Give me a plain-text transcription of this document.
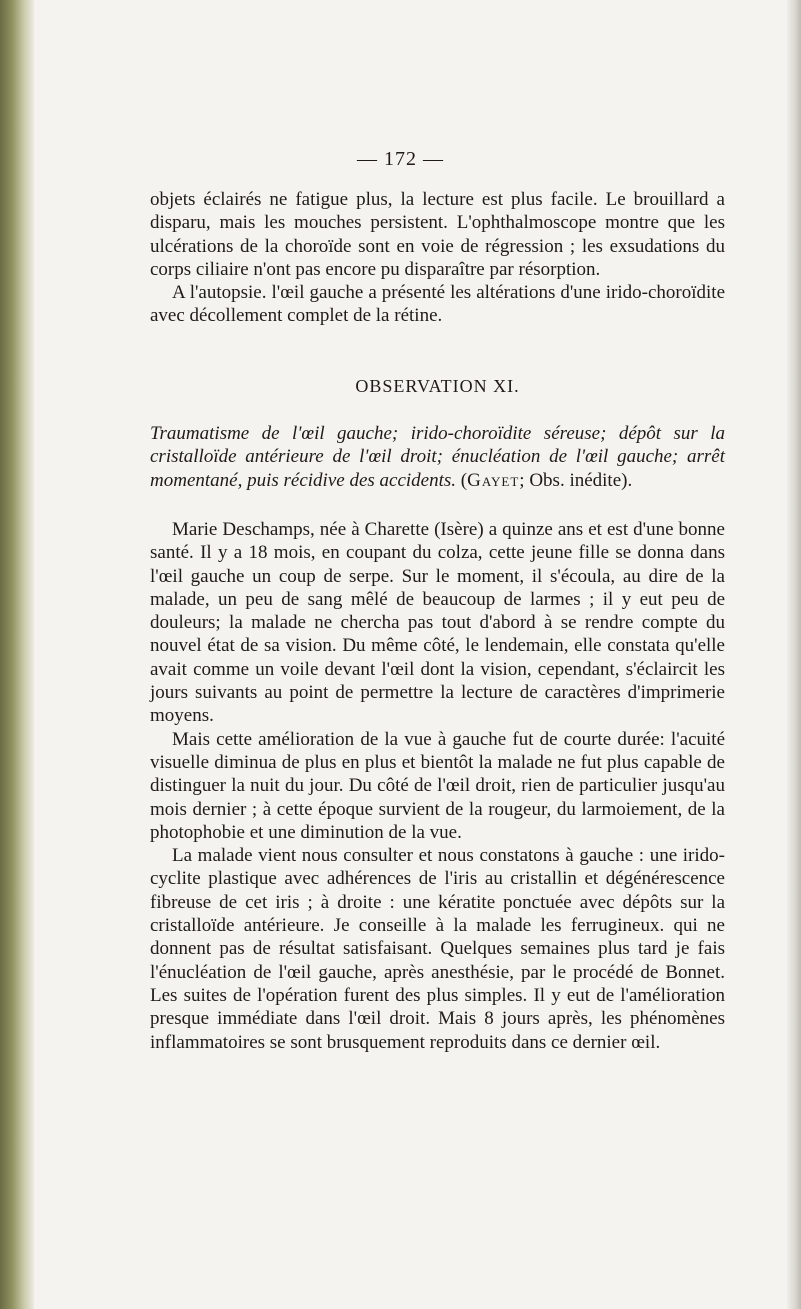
— 172 —

objets éclairés ne fatigue plus, la lecture est plus facile. Le brouillard a disparu, mais les mouches persistent. L'ophthalmoscope montre que les ulcérations de la choroïde sont en voie de régression ; les exsudations du corps ciliaire n'ont pas encore pu disparaître par résorption.

A l'autopsie. l'œil gauche a présenté les altérations d'une irido-choroïdite avec décollement complet de la rétine.

OBSERVATION XI.

Traumatisme de l'œil gauche; irido-choroïdite séreuse; dépôt sur la cristalloïde antérieure de l'œil droit; énucléation de l'œil gauche; arrêt momentané, puis récidive des accidents. (Gayet; Obs. inédite).

Marie Deschamps, née à Charette (Isère) a quinze ans et est d'une bonne santé. Il y a 18 mois, en coupant du colza, cette jeune fille se donna dans l'œil gauche un coup de serpe. Sur le moment, il s'écoula, au dire de la malade, un peu de sang mêlé de beaucoup de larmes ; il y eut peu de douleurs; la malade ne chercha pas tout d'abord à se rendre compte du nouvel état de sa vision. Du même côté, le lendemain, elle constata qu'elle avait comme un voile devant l'œil dont la vision, cependant, s'éclaircit les jours suivants au point de permettre la lecture de caractères d'imprimerie moyens.

Mais cette amélioration de la vue à gauche fut de courte durée: l'acuité visuelle diminua de plus en plus et bientôt la malade ne fut plus capable de distinguer la nuit du jour. Du côté de l'œil droit, rien de particulier jusqu'au mois dernier ; à cette époque survient de la rougeur, du larmoiement, de la photophobie et une diminution de la vue.

La malade vient nous consulter et nous constatons à gauche : une irido-cyclite plastique avec adhérences de l'iris au cristallin et dégénérescence fibreuse de cet iris ; à droite : une kératite ponctuée avec dépôts sur la cristalloïde antérieure. Je conseille à la malade les ferrugineux. qui ne donnent pas de résultat satisfaisant. Quelques semaines plus tard je fais l'énucléation de l'œil gauche, après anesthésie, par le procédé de Bonnet. Les suites de l'opération furent des plus simples. Il y eut de l'amélioration presque immédiate dans l'œil droit. Mais 8 jours après, les phénomènes inflammatoires se sont brusquement reproduits dans ce dernier œil.
